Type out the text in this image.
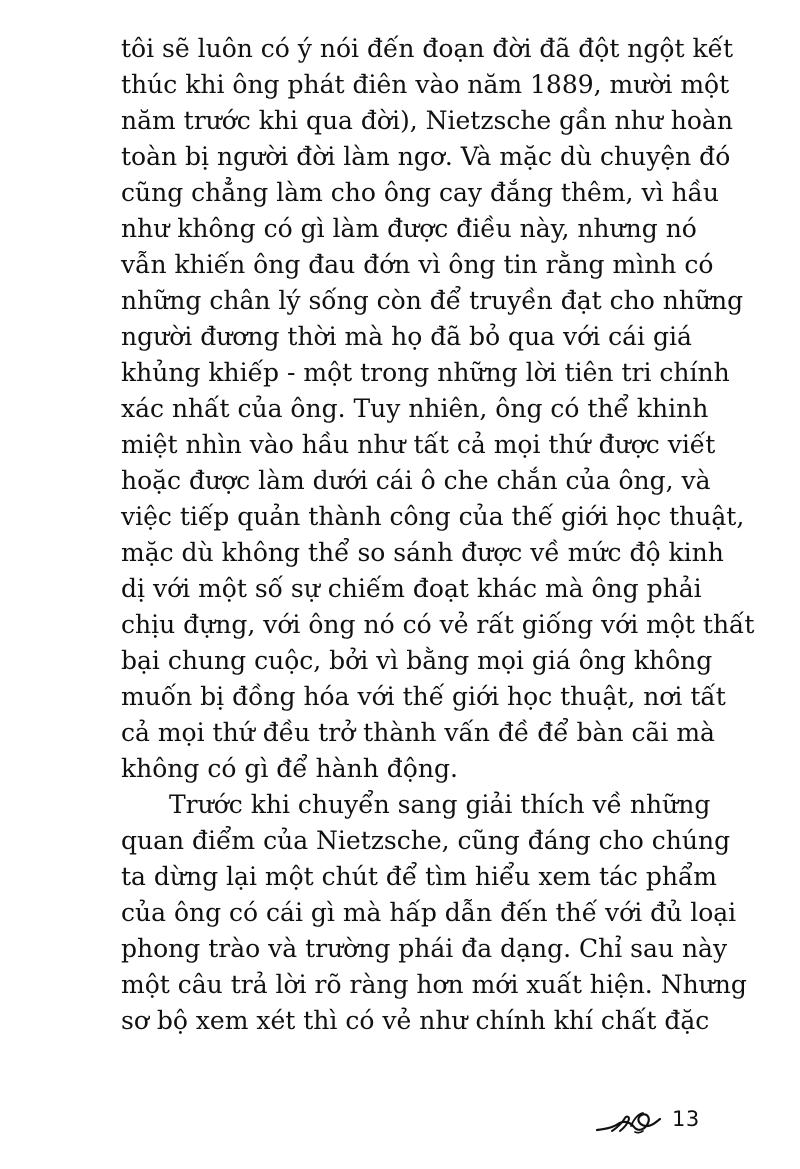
tôi sẽ luôn có ý nói đến đoạn đời đã đột ngột kết
thúc khi ông phát điên vào năm 1889, mười một
năm trước khi qua đời), Nietzsche gần như hoàn
toàn bị người đời làm ngơ. Và mặc dù chuyện đó
cũng chẳng làm cho ông cay đắng thêm, vì hầu
như không có gì làm được điều này, nhưng nó
vẫn khiến ông đau đớn vì ông tin rằng mình có
những chân lý sống còn để truyền đạt cho những
người đương thời mà họ đã bỏ qua với cái giá
khủng khiếp - một trong những lời tiên tri chính
xác nhất của ông. Tuy nhiên, ông có thể khinh
miệt nhìn vào hầu như tất cả mọi thứ được viết
hoặc được làm dưới cái ô che chắn của ông, và
việc tiếp quản thành công của thế giới học thuật,
mặc dù không thể so sánh được về mức độ kinh
dị với một số sự chiếm đoạt khác mà ông phải
chịu đựng, với ông nó có vẻ rất giống với một thất
bại chung cuộc, bởi vì bằng mọi giá ông không
muốn bị đồng hóa với thế giới học thuật, nơi tất
cả mọi thứ đều trở thành vấn đề để bàn cãi mà
không có gì để hành động.
Trước khi chuyển sang giải thích về những
quan điểm của Nietzsche, cũng đáng cho chúng
ta dừng lại một chút để tìm hiểu xem tác phẩm
của ông có cái gì mà hấp dẫn đến thế với đủ loại
phong trào và trường phái đa dạng. Chỉ sau này
một câu trả lời rõ ràng hơn mới xuất hiện. Nhưng
sơ bộ xem xét thì có vẻ như chính khí chất đặc
13
